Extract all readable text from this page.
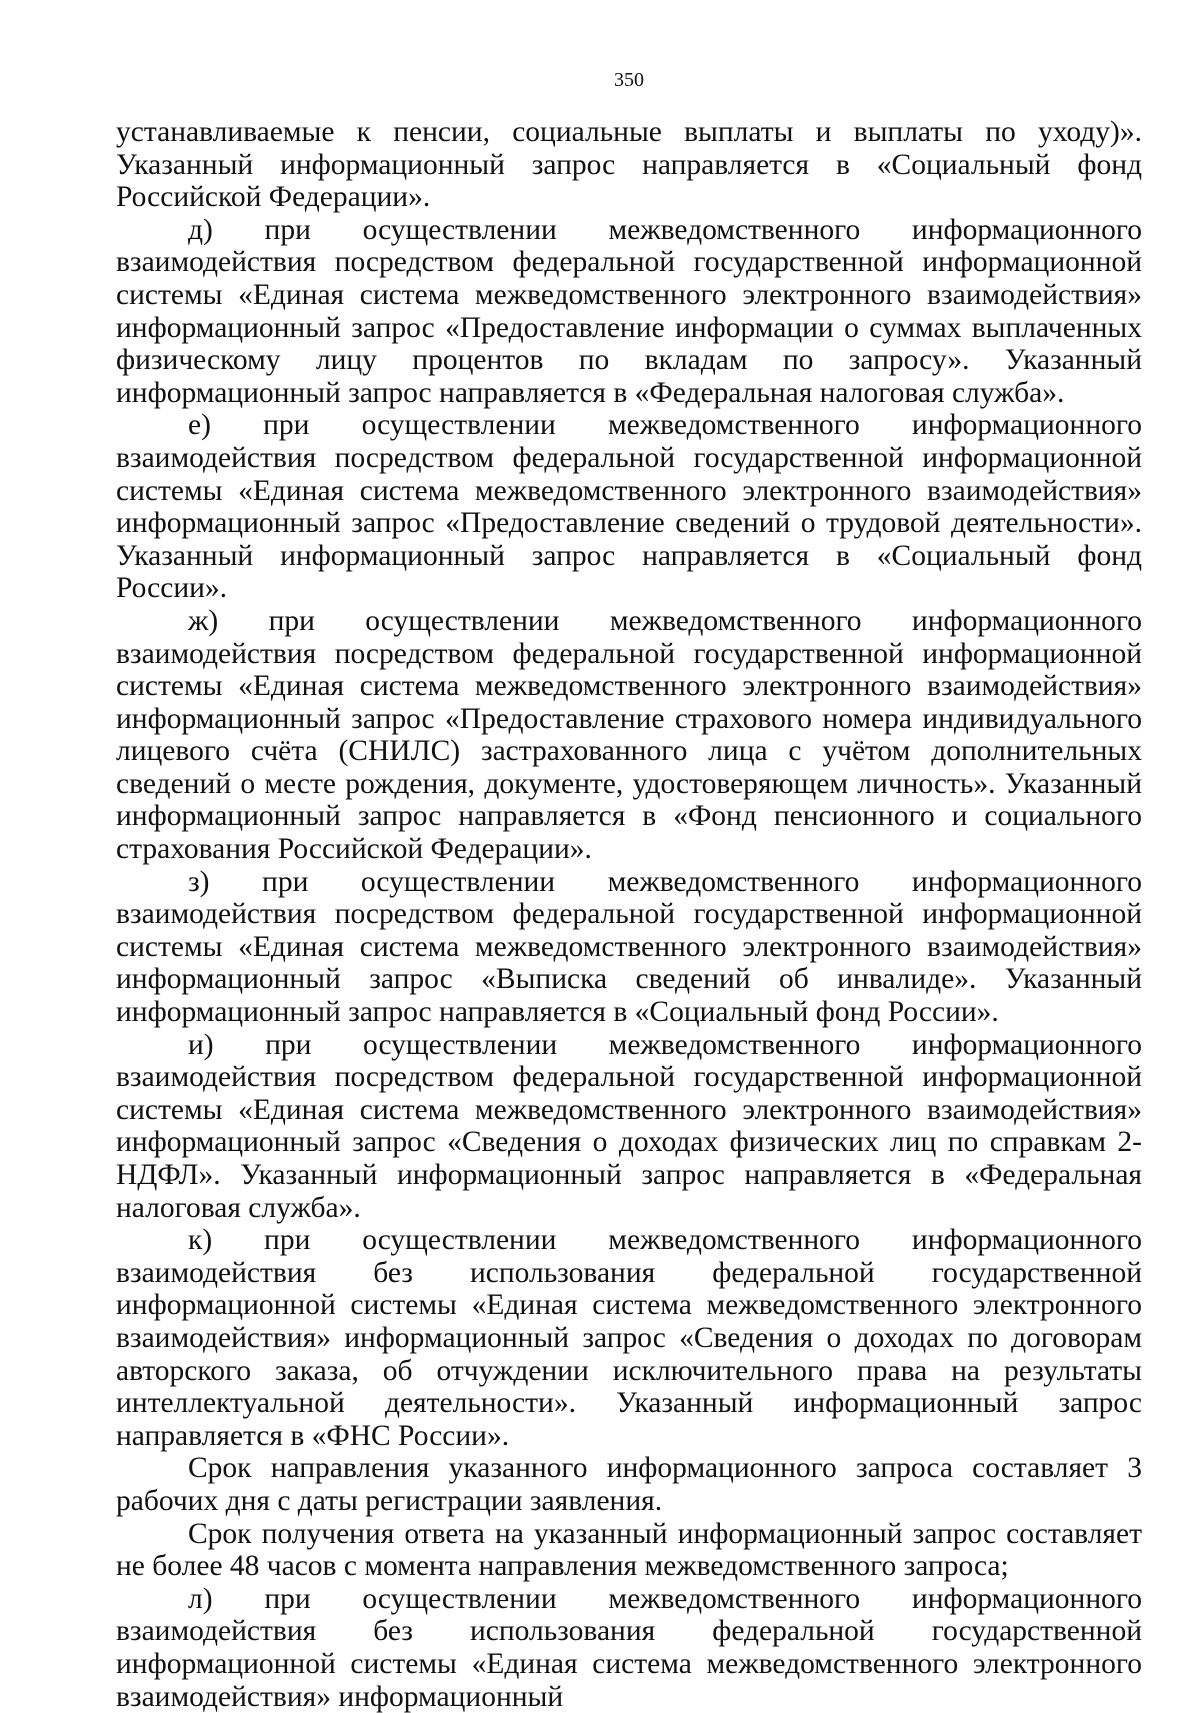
350

устанавливаемые к пенсии, социальные выплаты и выплаты по уходу)». Указанный информационный запрос направляется в «Социальный фонд Российской Федерации».

д) при осуществлении межведомственного информационного взаимодействия посредством федеральной государственной информационной системы «Единая система межведомственного электронного взаимодействия» информационный запрос «Предоставление информации о суммах выплаченных физическому лицу процентов по вкладам по запросу». Указанный информационный запрос направляется в «Федеральная налоговая служба».

е) при осуществлении межведомственного информационного взаимодействия посредством федеральной государственной информационной системы «Единая система межведомственного электронного взаимодействия» информационный запрос «Предоставление сведений о трудовой деятельности». Указанный информационный запрос направляется в «Социальный фонд России».

ж) при осуществлении межведомственного информационного взаимодействия посредством федеральной государственной информационной системы «Единая система межведомственного электронного взаимодействия» информационный запрос «Предоставление страхового номера индивидуального лицевого счёта (СНИЛС) застрахованного лица с учётом дополнительных сведений о месте рождения, документе, удостоверяющем личность». Указанный информационный запрос направляется в «Фонд пенсионного и социального страхования Российской Федерации».

з) при осуществлении межведомственного информационного взаимодействия посредством федеральной государственной информационной системы «Единая система межведомственного электронного взаимодействия» информационный запрос «Выписка сведений об инвалиде». Указанный информационный запрос направляется в «Социальный фонд России».

и) при осуществлении межведомственного информационного взаимодействия посредством федеральной государственной информационной системы «Единая система межведомственного электронного взаимодействия» информационный запрос «Сведения о доходах физических лиц по справкам 2-НДФЛ». Указанный информационный запрос направляется в «Федеральная налоговая служба».

к) при осуществлении межведомственного информационного взаимодействия без использования федеральной государственной информационной системы «Единая система межведомственного электронного взаимодействия» информационный запрос «Сведения о доходах по договорам авторского заказа, об отчуждении исключительного права на результаты интеллектуальной деятельности». Указанный информационный запрос направляется в «ФНС России».

Срок направления указанного информационного запроса составляет 3 рабочих дня с даты регистрации заявления.

Срок получения ответа на указанный информационный запрос составляет не более 48 часов с момента направления межведомственного запроса;

л) при осуществлении межведомственного информационного взаимодействия без использования федеральной государственной информационной системы «Единая система межведомственного электронного взаимодействия» информационный
